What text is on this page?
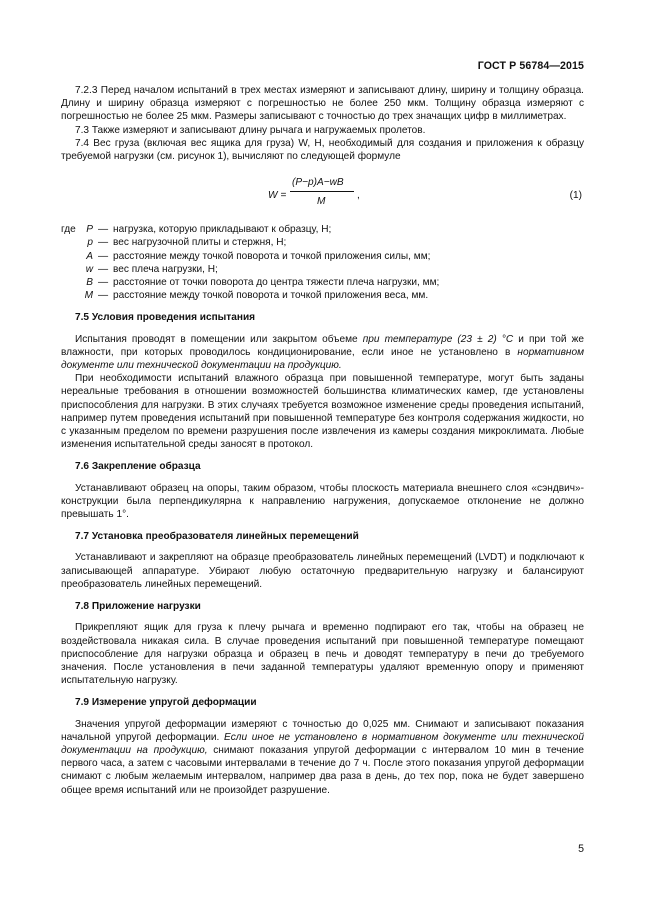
ГОСТ Р 56784—2015

7.2.3 Перед началом испытаний в трех местах измеряют и записывают длину, ширину и толщину образца. Длину и ширину образца измеряют с погрешностью не более 250 мкм. Толщину образца измеряют с погрешностью не более 25 мкм. Размеры записывают с точностью до трех значащих цифр в миллиметрах.

7.3 Также измеряют и записывают длину рычага и нагружаемых пролетов.

7.4 Вес груза (включая вес ящика для груза) W, Н, необходимый для создания и приложения к образцу требуемой нагрузки (см. рисунок 1), вычисляют по следующей формуле

W =
(P−p)A−wB
M
,	(1)
где	P — нагрузка, которую прикладывают к образцу, Н;
p — вес нагрузочной плиты и стержня, Н;
A — расстояние между точкой поворота и точкой приложения силы, мм;
w — вес плеча нагрузки, Н;
B — расстояние от точки поворота до центра тяжести плеча нагрузки, мм;
M — расстояние между точкой поворота и точкой приложения веса, мм.
7.5 Условия проведения испытания

Испытания проводят в помещении или закрытом объеме при температуре (23 ± 2) °С и при той же влажности, при которых проводилось кондиционирование, если иное не установлено в нормативном документе или технической документации на продукцию.

При необходимости испытаний влажного образца при повышенной температуре, могут быть заданы нереальные требования в отношении возможностей большинства климатических камер, где установлены приспособления для нагрузки. В этих случаях требуется возможное изменение среды проведения испытаний, например путем проведения испытаний при повышенной температуре без контроля содержания жидкости, но с указанным пределом по времени разрушения после извлечения из камеры создания микроклимата. Любые изменения испытательной среды заносят в протокол.

7.6 Закрепление образца

Устанавливают образец на опоры, таким образом, чтобы плоскость материала внешнего слоя «сэндвич»-конструкции была перпендикулярна к направлению нагружения, допускаемое отклонение не должно превышать 1°.

7.7 Установка преобразователя линейных перемещений

Устанавливают и закрепляют на образце преобразователь линейных перемещений (LVDT) и подключают к записывающей аппаратуре. Убирают любую остаточную предварительную нагрузку и балансируют преобразователь линейных перемещений.

7.8 Приложение нагрузки

Прикрепляют ящик для груза к плечу рычага и временно подпирают его так, чтобы на образец не воздействовала никакая сила. В случае проведения испытаний при повышенной температуре помещают приспособление для нагрузки образца и образец в печь и доводят температуру в печи до требуемого значения. После установления в печи заданной температуры удаляют временную опору и применяют испытательную нагрузку.

7.9 Измерение упругой деформации

Значения упругой деформации измеряют с точностью до 0,025 мм. Снимают и записывают показания начальной упругой деформации. Если иное не установлено в нормативном документе или технической документации на продукцию, снимают показания упругой деформации с интервалом 10 мин в течение первого часа, а затем с часовыми интервалами в течение до 7 ч. После этого показания упругой деформации снимают с любым желаемым интервалом, например два раза в день, до тех пор, пока не будет завершено общее время испытаний или не произойдет разрушение.

5
